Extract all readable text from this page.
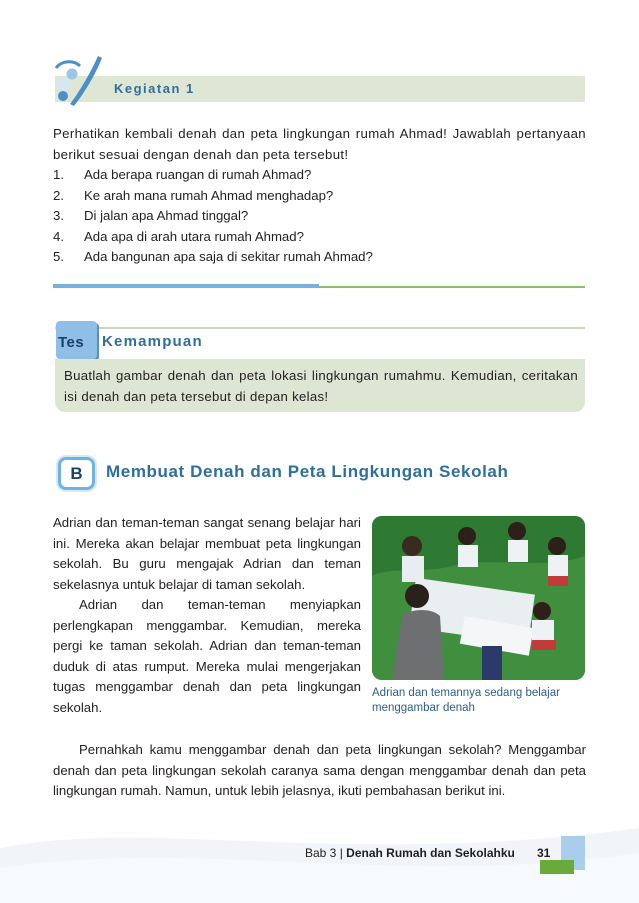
Kegiatan 1
Perhatikan kembali denah dan peta lingkungan rumah Ahmad! Jawablah pertanyaan berikut sesuai dengan denah dan peta tersebut!
1.	Ada berapa ruangan di rumah Ahmad?
2.	Ke arah mana rumah Ahmad menghadap?
3.	Di jalan apa Ahmad tinggal?
4.	Ada apa di arah utara rumah Ahmad?
5.	Ada bangunan apa saja di sekitar rumah Ahmad?
Tes Kemampuan
Buatlah gambar denah dan peta lokasi lingkungan rumahmu. Kemudian, ceritakan isi denah dan peta tersebut di depan kelas!
B	Membuat Denah dan Peta Lingkungan Sekolah
Adrian dan teman-teman sangat senang belajar hari ini. Mereka akan belajar membuat peta lingkungan sekolah. Bu guru mengajak Adrian dan teman sekelasnya untuk belajar di taman sekolah.
Adrian dan teman-teman menyiapkan perlengkapan menggambar. Kemudian, mereka pergi ke taman sekolah. Adrian dan teman-teman duduk di atas rumput. Mereka mulai mengerjakan tugas menggambar denah dan peta lingkungan sekolah.
Adrian dan temannya sedang belajar menggambar denah
Pernahkah kamu menggambar denah dan peta lingkungan sekolah? Menggambar denah dan peta lingkungan sekolah caranya sama dengan menggambar denah dan peta lingkungan rumah. Namun, untuk lebih jelasnya, ikuti pembahasan berikut ini.
Bab 3 | Denah Rumah dan Sekolahku 31
